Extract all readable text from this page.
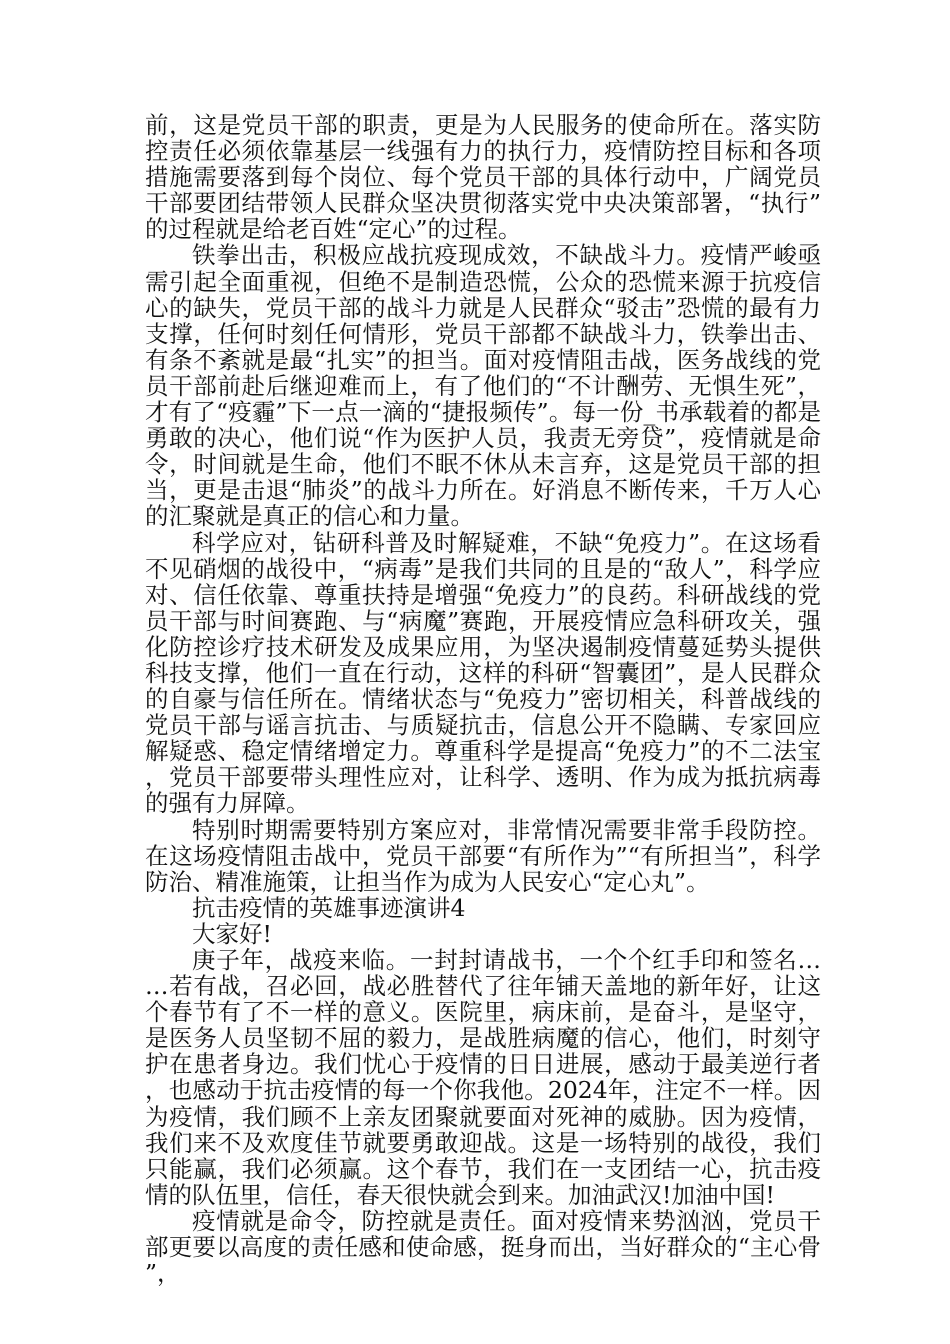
前，这是党员干部的职责，更是为人民服务的使命所在。落实防控责任必须依靠基层一线强有力的执行力，疫情防控目标和各项措施需要落到每个岗位、每个党员干部的具体行动中，广阔党员干部要团结带领人民群众坚决贯彻落实党中央决策部署，“执行”的过程就是给老百姓“定心”的过程。

铁拳出击，积极应战抗疫现成效，不缺战斗力。疫情严峻亟需引起全面重视，但绝不是制造恐慌，公众的恐慌来源于抗疫信心的缺失，党员干部的战斗力就是人民群众“驳击”恐慌的最有力支撑，任何时刻任何情形，党员干部都不缺战斗力，铁拳出击、有条不紊就是最“扎实”的担当。面对疫情阻击战，医务战线的党员干部前赴后继迎难而上，有了他们的“不计酬劳、无惧生死”，才有了“疫霾”下一点一滴的“捷报频传”。每一份_书承载着的都是勇敢的决心，他们说“作为医护人员，我责无旁贷”，疫情就是命令，时间就是生命，他们不眠不休从未言弃，这是党员干部的担当，更是击退“肺炎”的战斗力所在。好消息不断传来，千万人心的汇聚就是真正的信心和力量。

科学应对，钻研科普及时解疑难，不缺“免疫力”。在这场看不见硝烟的战役中，“病毒”是我们共同的且是的“敌人”，科学应对、信任依靠、尊重扶持是增强“免疫力”的良药。科研战线的党员干部与时间赛跑、与“病魔”赛跑，开展疫情应急科研攻关，强化防控诊疗技术研发及成果应用，为坚决遏制疫情蔓延势头提供科技支撑，他们一直在行动，这样的科研“智囊团”，是人民群众的自豪与信任所在。情绪状态与“免疫力”密切相关，科普战线的党员干部与谣言抗击、与质疑抗击，信息公开不隐瞒、专家回应解疑惑、稳定情绪增定力。尊重科学是提高“免疫力”的不二法宝，党员干部要带头理性应对，让科学、透明、作为成为抵抗病毒的强有力屏障。

特别时期需要特别方案应对，非常情况需要非常手段防控。在这场疫情阻击战中，党员干部要“有所作为”“有所担当”，科学防治、精准施策，让担当作为成为人民安心“定心丸”。

抗击疫情的英雄事迹演讲4

大家好!

庚子年，战疫来临。一封封请战书，一个个红手印和签名……若有战，召必回，战必胜替代了往年铺天盖地的新年好，让这个春节有了不一样的意义。医院里，病床前，是奋斗，是坚守，是医务人员坚韧不屈的毅力，是战胜病魔的信心，他们，时刻守护在患者身边。我们忧心于疫情的日日进展，感动于最美逆行者，也感动于抗击疫情的每一个你我他。2024年，注定不一样。因为疫情，我们顾不上亲友团聚就要面对死神的威胁。因为疫情，我们来不及欢度佳节就要勇敢迎战。这是一场特别的战役，我们只能赢，我们必须赢。这个春节，我们在一支团结一心，抗击疫情的队伍里，信任，春天很快就会到来。加油武汉!加油中国!

疫情就是命令，防控就是责任。面对疫情来势汹汹，党员干部更要以高度的责任感和使命感，挺身而出，当好群众的“主心骨”，
